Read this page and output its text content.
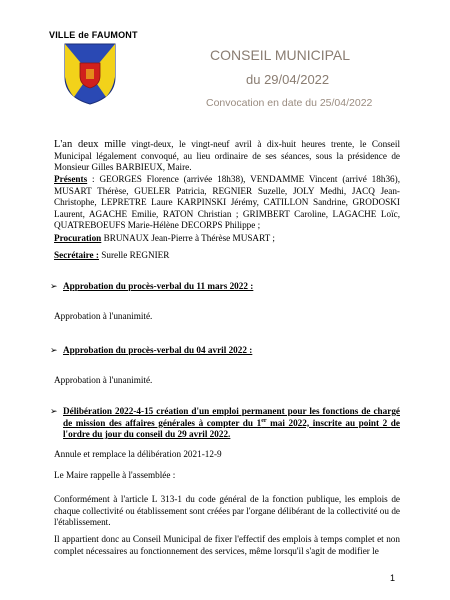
VILLE de FAUMONT
CONSEIL MUNICIPAL
du 29/04/2022
Convocation en date du 25/04/2022
L'an deux mille vingt-deux, le vingt-neuf avril à dix-huit heures trente, le Conseil Municipal légalement convoqué, au lieu ordinaire de ses séances, sous la présidence de Monsieur Gilles BARBIEUX, Maire.
Présents : GEORGES Florence (arrivée 18h38), VENDAMME Vincent (arrivé 18h36), MUSART Thérèse, GUELER Patricia, REGNIER Suzelle, JOLY Medhi, JACQ Jean-Christophe, LEPRETRE Laure KARPINSKI Jérémy, CATILLON Sandrine, GRODOSKI Laurent, AGACHE Emilie, RATON Christian ; GRIMBERT Caroline, LAGACHE Loïc, QUATREBOEUFS Marie-Hélène DECORPS Philippe ;
Procuration BRUNAUX Jean-Pierre à Thérèse MUSART ;
Secrétaire : Surelle REGNIER
➢ Approbation du procès-verbal du 11 mars 2022 :
Approbation à l'unanimité.
➢ Approbation du procès-verbal du 04 avril 2022 :
Approbation à l'unanimité.
➢ Délibération 2022-4-15 création d'un emploi permanent pour les fonctions de chargé de mission des affaires générales à compter du 1er mai 2022, inscrite au point 2 de l'ordre du jour du conseil du 29 avril 2022.
Annule et remplace la délibération 2021-12-9
Le Maire rappelle à l'assemblée :
Conformément à l'article L 313-1 du code général de la fonction publique, les emplois de chaque collectivité ou établissement sont créées par l'organe délibérant de la collectivité ou de l'établissement.
Il appartient donc au Conseil Municipal de fixer l'effectif des emplois à temps complet et non complet nécessaires au fonctionnement des services, même lorsqu'il s'agit de modifier le
1
